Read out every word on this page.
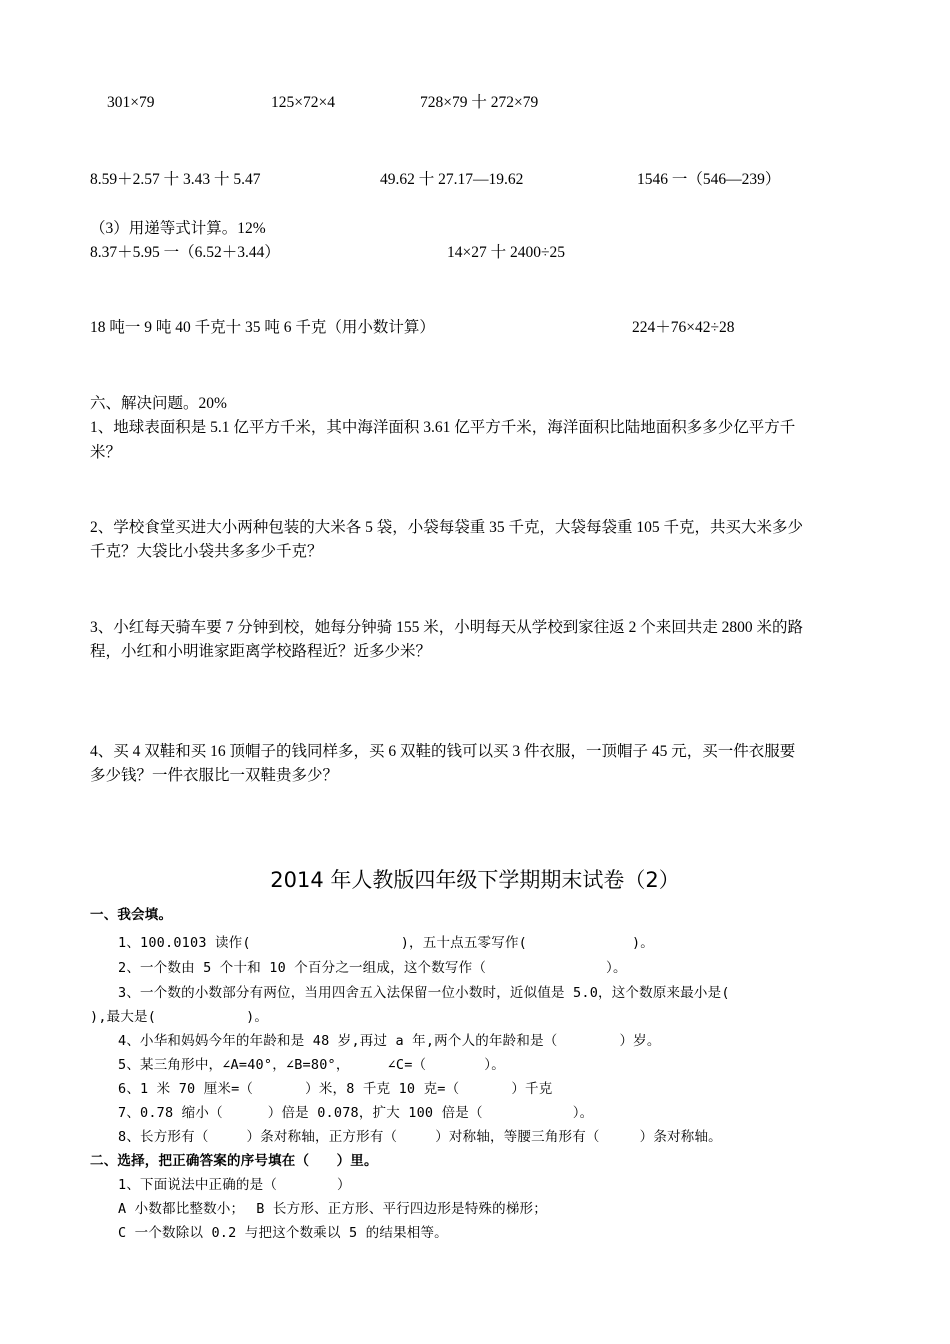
301×79	125×72×4	728×79 十 272×79
8.59＋2.57 十 3.43 十 5.47	49.62 十 27.17—19.62	1546 一（546—239）
（3）用递等式计算。12%
8.37＋5.95 一（6.52＋3.44）	14×27 十 2400÷25
18 吨一 9 吨 40 千克十 35 吨 6 千克（用小数计算）	224＋76×42÷28
六、解决问题。20%
1、地球表面积是 5.1 亿平方千米，其中海洋面积 3.61 亿平方千米，海洋面积比陆地面积多多少亿平方千
米？
2、学校食堂买进大小两种包装的大米各 5 袋，小袋每袋重 35 千克，大袋每袋重 105 千克，共买大米多少
千克？大袋比小袋共多多少千克？
3、小红每天骑车要 7 分钟到校，她每分钟骑 155 米，小明每天从学校到家往返 2 个来回共走 2800 米的路
程，小红和小明谁家距离学校路程近？近多少米？
4、买 4 双鞋和买 16 顶帽子的钱同样多，买 6 双鞋的钱可以买 3 件衣服，一顶帽子 45 元，买一件衣服要
多少钱？一件衣服比一双鞋贵多少？
2014 年人教版四年级下学期期末试卷（2）
一、我会填。
1、100.0103 读作(	)，五十点五零写作(	)。
2、一个数由 5 个十和 10 个百分之一组成，这个数写作（	）。
3、一个数的小数部分有两位，当用四舍五入法保留一位小数时，近似值是 5.0，这个数原来最小是(
),最大是(	)。
4、小华和妈妈今年的年龄和是 48 岁,再过 a 年,两个人的年龄和是（	）岁。
5、某三角形中，∠A=40°，∠B=80°，	∠C=（	）。
6、1 米 70 厘米=（	）米，8 千克 10 克=（	）千克
7、0.78 缩小（	）倍是 0.078，扩大 100 倍是（	）。
8、长方形有（	）条对称轴，正方形有（	）对称轴，等腰三角形有（	）条对称轴。
二、选择，把正确答案的序号填在（　　）里。
1、下面说法中正确的是（	）
A 小数都比整数小； B 长方形、正方形、平行四边形是特殊的梯形；
C 一个数除以 0.2 与把这个数乘以 5 的结果相等。
